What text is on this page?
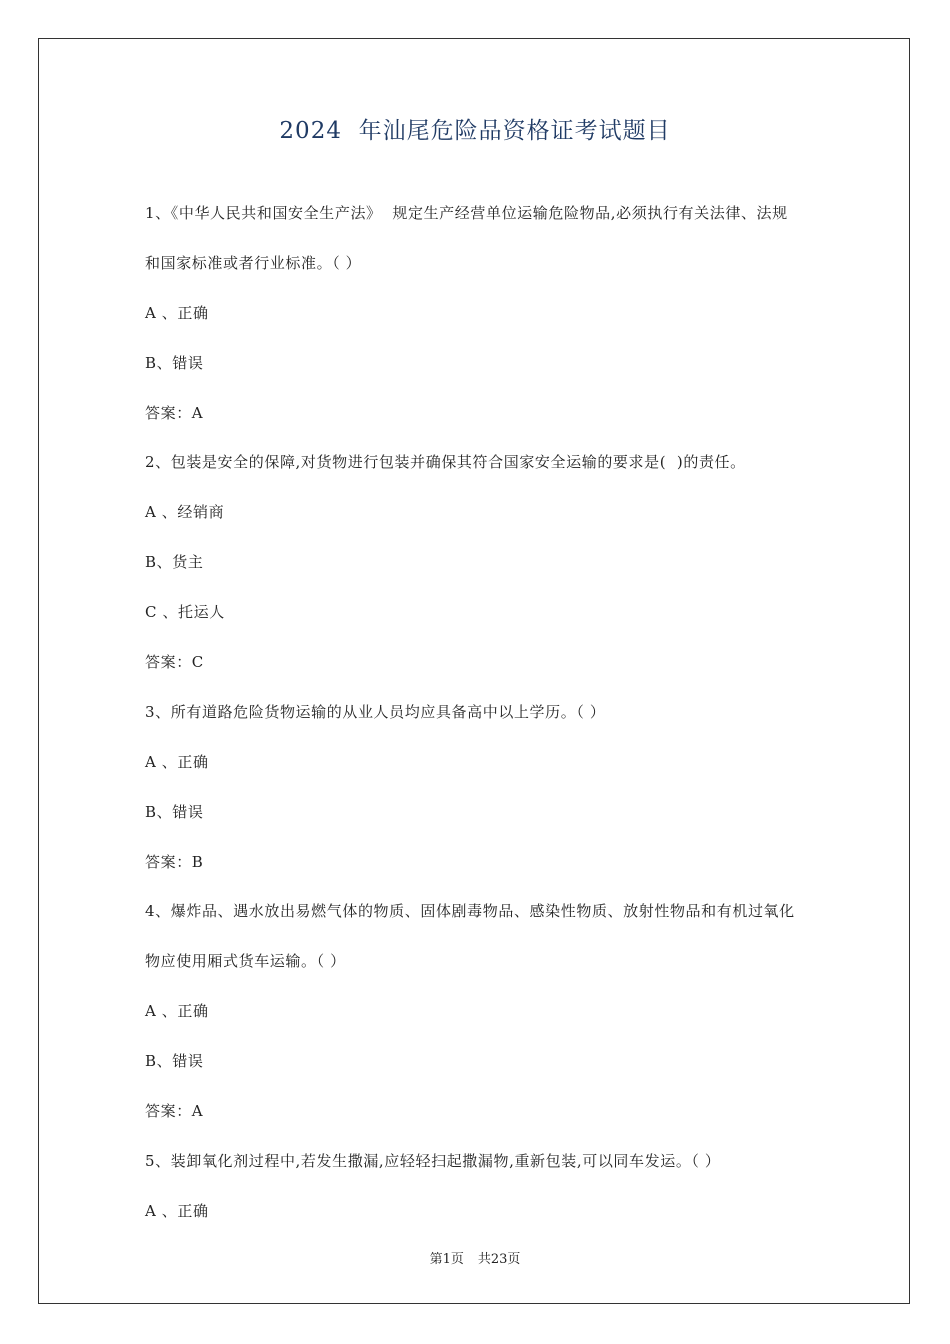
2024  年汕尾危险品资格证考试题目
1、《中华人民共和国安全生产法》  规定生产经营单位运输危险物品,必须执行有关法律、法规
和国家标准或者行业标准。（ ）
A 、正确
B、错误
答案：A
2、包装是安全的保障,对货物进行包装并确保其符合国家安全运输的要求是(  )的责任。
A 、经销商
B、货主
C 、托运人
答案：C
3、所有道路危险货物运输的从业人员均应具备高中以上学历。（ ）
A 、正确
B、错误
答案：B
4、爆炸品、遇水放出易燃气体的物质、固体剧毒物品、感染性物质、放射性物品和有机过氧化
物应使用厢式货车运输。（ ）
A 、正确
B、错误
答案：A
5、装卸氧化剂过程中,若发生撒漏,应轻轻扫起撒漏物,重新包装,可以同车发运。（ ）
A 、正确
第1页 共23页
